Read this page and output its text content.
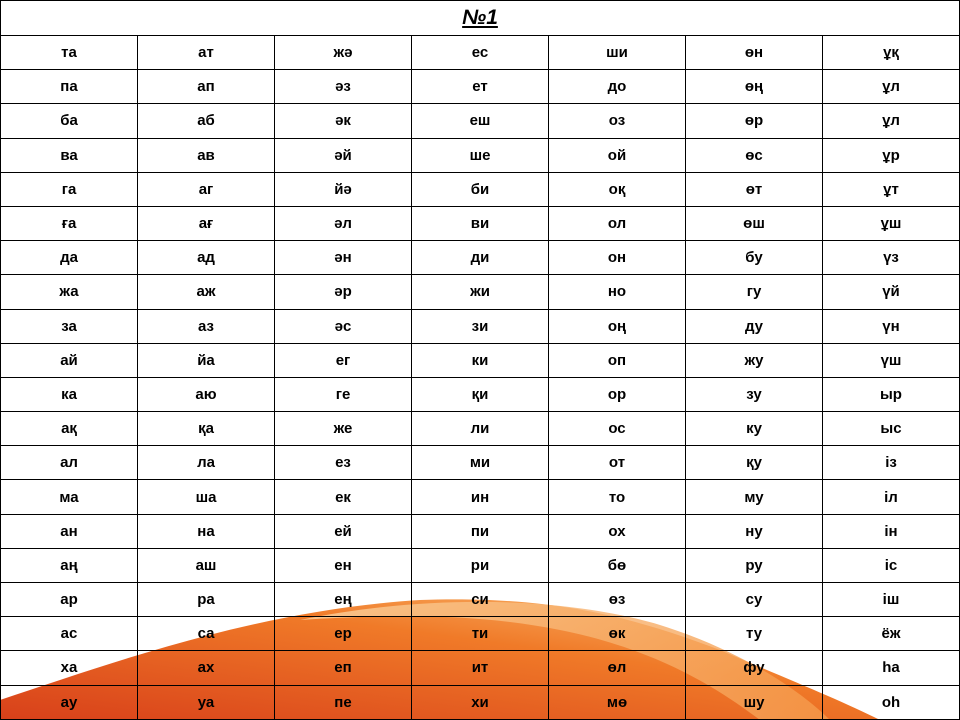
№1						
та	ат	жә	ес	ши	өн	ұқ
па	ап	әз	ет	до	өң	ұл
ба	аб	әк	еш	оз	өр	ұл
ва	ав	әй	ше	ой	өс	ұр
га	аг	йә	би	оқ	өт	ұт
ға	ағ	әл	ви	ол	өш	ұш
да	ад	ән	ди	он	бу	үз
жа	аж	әр	жи	но	гу	үй
за	аз	әс	зи	оң	ду	үн
ай	йа	ег	ки	оп	жу	үш
ка	аю	ге	қи	ор	зу	ыр
ақ	қа	же	ли	ос	ку	ыс
ал	ла	ез	ми	от	қу	із
ма	ша	ек	ин	то	му	іл
ан	на	ей	пи	ох	ну	ін
аң	аш	ен	ри	бө	ру	іс
ар	ра	ең	си	өз	су	іш
ас	са	ер	ти	өк	ту	ёж
ха	ах	еп	ит	өл	фу	һа
ау	уа	пе	хи	мө	шу	оһ
